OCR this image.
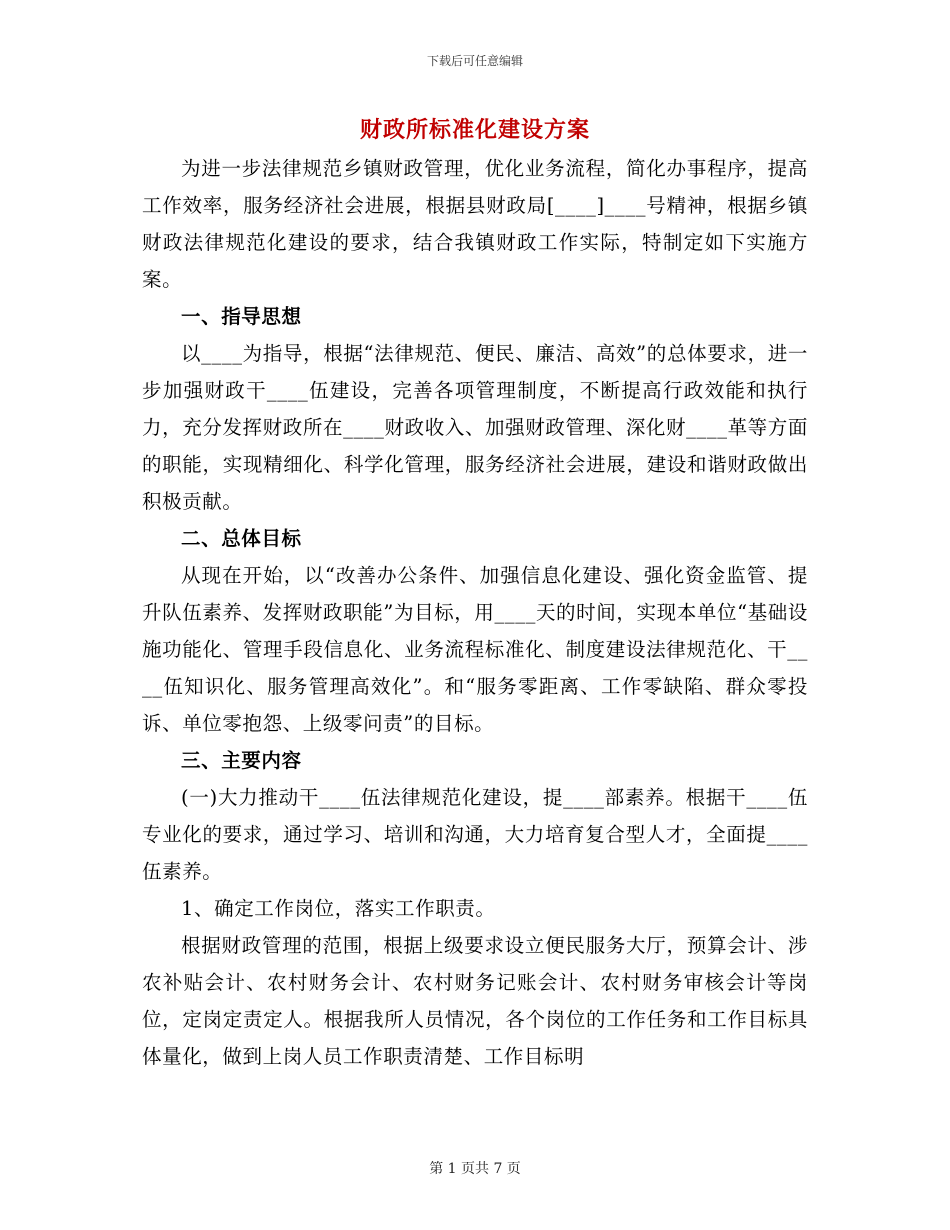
下载后可任意编辑
财政所标准化建设方案

为进一步法律规范乡镇财政管理，优化业务流程，简化办事程序，提高工作效率，服务经济社会进展，根据县财政局[____]____号精神，根据乡镇财政法律规范化建设的要求，结合我镇财政工作实际，特制定如下实施方案。

一、指导思想

以____为指导，根据“法律规范、便民、廉洁、高效”的总体要求，进一步加强财政干____伍建设，完善各项管理制度，不断提高行政效能和执行力，充分发挥财政所在____财政收入、加强财政管理、深化财____革等方面的职能，实现精细化、科学化管理，服务经济社会进展，建设和谐财政做出积极贡献。

二、总体目标

从现在开始，以“改善办公条件、加强信息化建设、强化资金监管、提升队伍素养、发挥财政职能”为目标，用____天的时间，实现本单位“基础设施功能化、管理手段信息化、业务流程标准化、制度建设法律规范化、干____伍知识化、服务管理高效化”。和“服务零距离、工作零缺陷、群众零投诉、单位零抱怨、上级零问责”的目标。

三、主要内容

(一)大力推动干____伍法律规范化建设，提____部素养。根据干____伍专业化的要求，通过学习、培训和沟通，大力培育复合型人才，全面提____伍素养。

1、确定工作岗位，落实工作职责。

根据财政管理的范围，根据上级要求设立便民服务大厅，预算会计、涉农补贴会计、农村财务会计、农村财务记账会计、农村财务审核会计等岗位，定岗定责定人。根据我所人员情况，各个岗位的工作任务和工作目标具体量化，做到上岗人员工作职责清楚、工作目标明

第 1 页共 7 页
